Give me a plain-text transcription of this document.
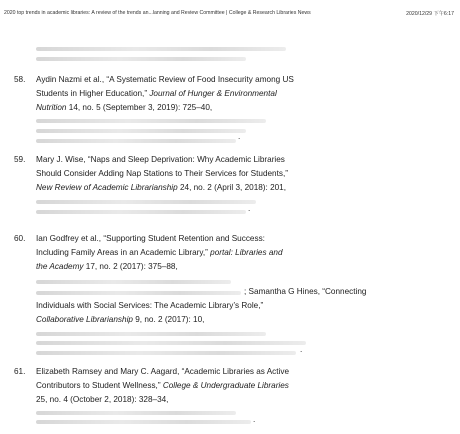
2020 top trends in academic libraries: A review of the trends an...lanning and Review Committee | College & Research Libraries News	2020/12/29 下午6:17
58. Aydin Nazmi et al., “A Systematic Review of Food Insecurity among US
Students in Higher Education,” Journal of Hunger & Environmental
Nutrition 14, no. 5 (September 3, 2019): 725–40,
.
59. Mary J. Wise, “Naps and Sleep Deprivation: Why Academic Libraries
Should Consider Adding Nap Stations to Their Services for Students,”
New Review of Academic Librarianship 24, no. 2 (April 3, 2018): 201,
.
60. Ian Godfrey et al., “Supporting Student Retention and Success:
Including Family Areas in an Academic Library,” portal: Libraries and
the Academy 17, no. 2 (2017): 375–88,
; Samantha G Hines, “Connecting
Individuals with Social Services: The Academic Library’s Role,”
Collaborative Librarianship 9, no. 2 (2017): 10,
.
61. Elizabeth Ramsey and Mary C. Aagard, “Academic Libraries as Active
Contributors to Student Wellness,” College & Undergraduate Libraries
25, no. 4 (October 2, 2018): 328–34,
.
